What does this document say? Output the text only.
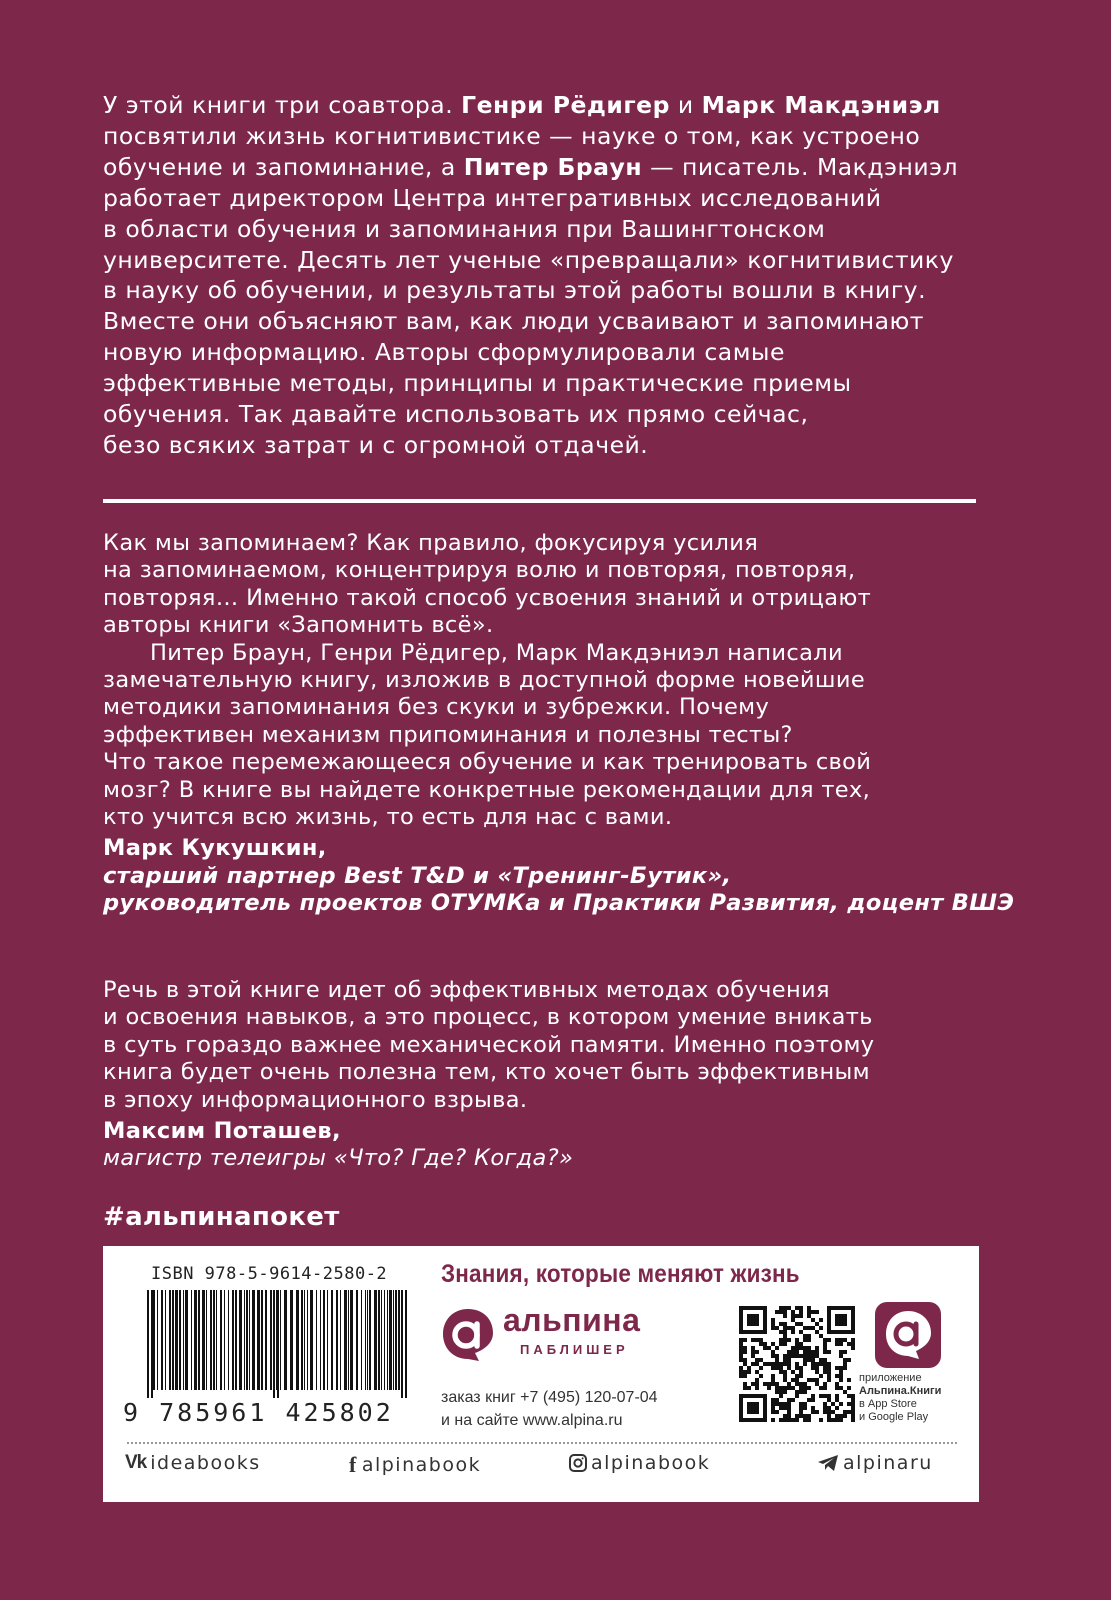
У этой книги три соавтора. Генри Рёдигер и Марк Макдэниэл
посвятили жизнь когнитивистике — науке о том, как устроено
обучение и запоминание, а Питер Браун — писатель. Макдэниэл
работает директором Центра интегративных исследований
в области обучения и запоминания при Вашингтонском
университете. Десять лет ученые «превращали» когнитивистику
в науку об обучении, и результаты этой работы вошли в книгу.
Вместе они объясняют вам, как люди усваивают и запоминают
новую информацию. Авторы сформулировали самые
эффективные методы, принципы и практические приемы
обучения. Так давайте использовать их прямо сейчас,
безо всяких затрат и с огромной отдачей.
Как мы запоминаем? Как правило, фокусируя усилия
на запоминаемом, концентрируя волю и повторяя, повторяя,
повторяя… Именно такой способ усвоения знаний и отрицают
авторы книги «Запомнить всё».
Питер Браун, Генри Рёдигер, Марк Макдэниэл написали
замечательную книгу, изложив в доступной форме новейшие
методики запоминания без скуки и зубрежки. Почему
эффективен механизм припоминания и полезны тесты?
Что такое перемежающееся обучение и как тренировать свой
мозг? В книге вы найдете конкретные рекомендации для тех,
кто учится всю жизнь, то есть для нас с вами.
Марк Кукушкин,
старший партнер Best T&D и «Тренинг-Бутик»,
руководитель проектов ОТУМКа и Практики Развития, доцент ВШЭ
Речь в этой книге идет об эффективных методах обучения
и освоения навыков, а это процесс, в котором умение вникать
в суть гораздо важнее механической памяти. Именно поэтому
книга будет очень полезна тем, кто хочет быть эффективным
в эпоху информационного взрыва.
Максим Поташев,
магистр телеигры «Что? Где? Когда?»
#альпинапокет
ISBN 978-5-9614-2580-2
9 785961 425802
Знания, которые меняют жизнь
альпина
ПАБЛИШЕР
заказ книг +7 (495) 120-07-04
и на сайте www.alpina.ru
приложение
Альпина.Книги
в App Store
и Google Play
Vk ideabooks	f alpinabook	alpinabook	alpinaru
